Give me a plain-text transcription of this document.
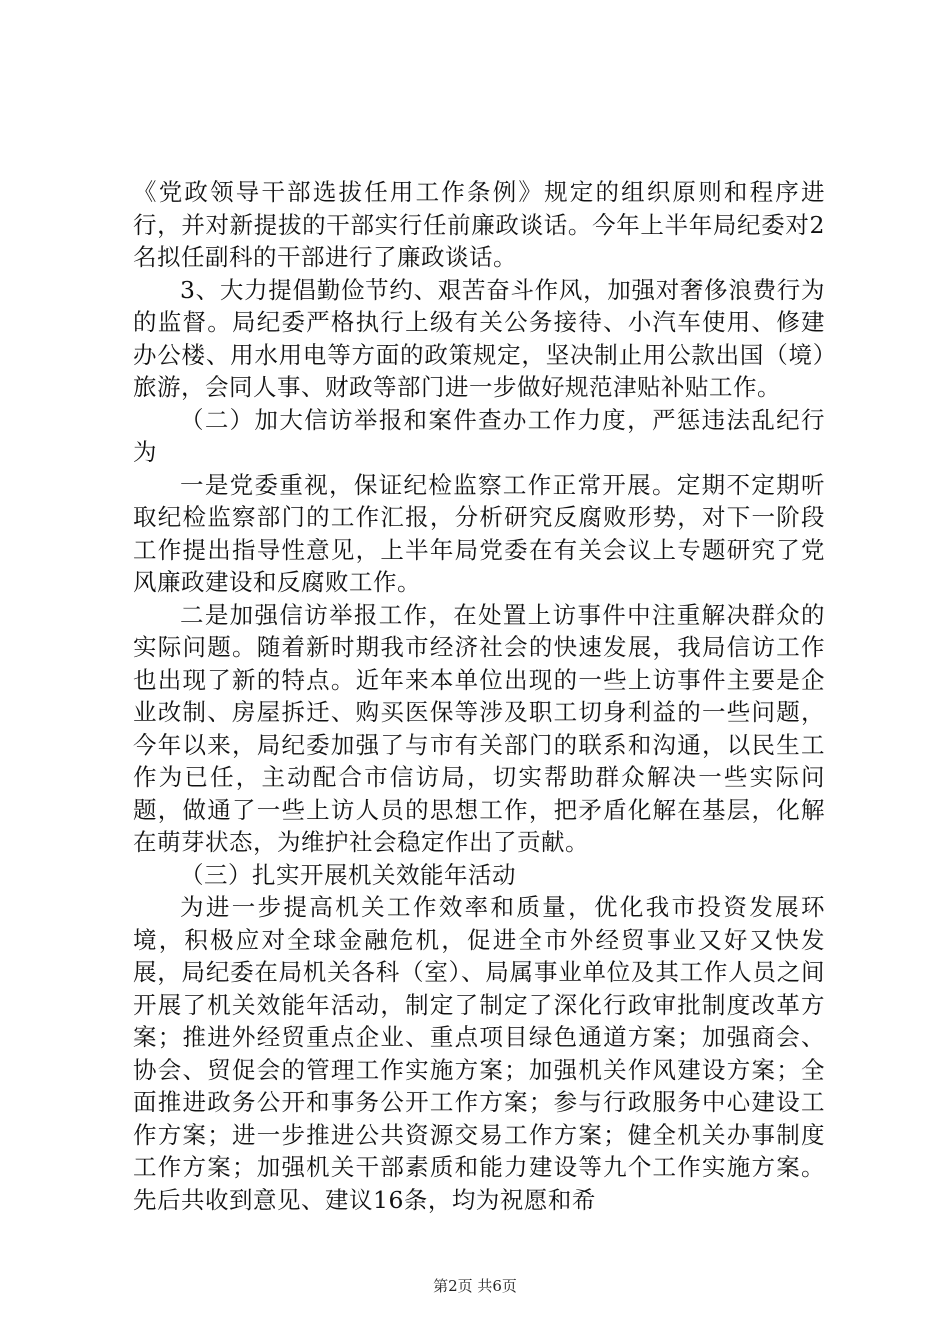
《党政领导干部选拔任用工作条例》规定的组织原则和程序进行，并对新提拔的干部实行任前廉政谈话。今年上半年局纪委对2名拟任副科的干部进行了廉政谈话。

3、大力提倡勤俭节约、艰苦奋斗作风，加强对奢侈浪费行为的监督。局纪委严格执行上级有关公务接待、小汽车使用、修建办公楼、用水用电等方面的政策规定，坚决制止用公款出国（境）旅游，会同人事、财政等部门进一步做好规范津贴补贴工作。

（二）加大信访举报和案件查办工作力度，严惩违法乱纪行为

一是党委重视，保证纪检监察工作正常开展。定期不定期听取纪检监察部门的工作汇报，分析研究反腐败形势，对下一阶段工作提出指导性意见，上半年局党委在有关会议上专题研究了党风廉政建设和反腐败工作。

二是加强信访举报工作，在处置上访事件中注重解决群众的实际问题。随着新时期我市经济社会的快速发展，我局信访工作也出现了新的特点。近年来本单位出现的一些上访事件主要是企业改制、房屋拆迁、购买医保等涉及职工切身利益的一些问题，今年以来，局纪委加强了与市有关部门的联系和沟通，以民生工作为已任，主动配合市信访局，切实帮助群众解决一些实际问题，做通了一些上访人员的思想工作，把矛盾化解在基层，化解在萌芽状态，为维护社会稳定作出了贡献。

（三）扎实开展机关效能年活动

为进一步提高机关工作效率和质量，优化我市投资发展环境，积极应对全球金融危机，促进全市外经贸事业又好又快发展，局纪委在局机关各科（室）、局属事业单位及其工作人员之间开展了机关效能年活动，制定了制定了深化行政审批制度改革方案；推进外经贸重点企业、重点项目绿色通道方案；加强商会、协会、贸促会的管理工作实施方案；加强机关作风建设方案；全面推进政务公开和事务公开工作方案；参与行政服务中心建设工作方案；进一步推进公共资源交易工作方案；健全机关办事制度工作方案；加强机关干部素质和能力建设等九个工作实施方案。先后共收到意见、建议16条，均为祝愿和希

第2页 共6页
